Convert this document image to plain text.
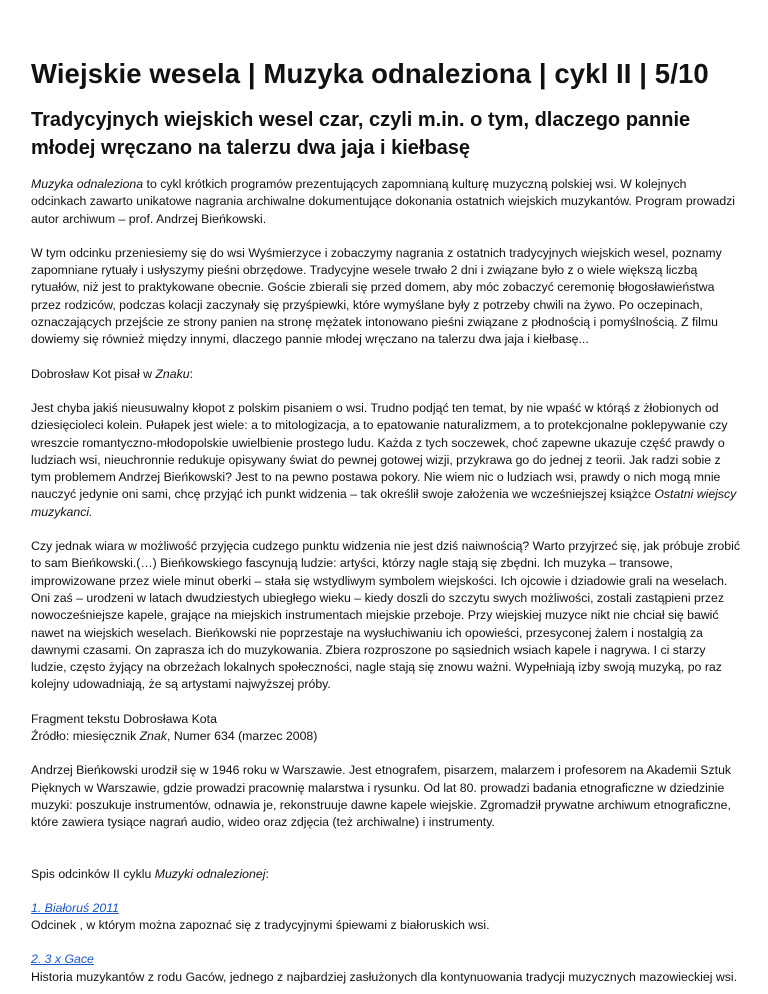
Wiejskie wesela | Muzyka odnaleziona | cykl II | 5/10
Tradycyjnych wiejskich wesel czar, czyli m.in. o tym, dlaczego pannie młodej wręczano na talerzu dwa jaja i kiełbasę

Muzyka odnaleziona to cykl krótkich programów prezentujących zapomnianą kulturę muzyczną polskiej wsi. W kolejnych odcinkach zawarto unikatowe nagrania archiwalne dokumentujące dokonania ostatnich wiejskich muzykantów. Program prowadzi autor archiwum – prof. Andrzej Bieńkowski.

W tym odcinku przeniesiemy się do wsi Wyśmierzyce i zobaczymy nagrania z ostatnich tradycyjnych wiejskich wesel, poznamy zapomniane rytuały i usłyszymy pieśni obrzędowe. Tradycyjne wesele trwało 2 dni i związane było z o wiele większą liczbą rytuałów, niż jest to praktykowane obecnie. Goście zbierali się przed domem, aby móc zobaczyć ceremonię błogosławieństwa przez rodziców, podczas kolacji zaczynały się przyśpiewki, które wymyślane były z potrzeby chwili na żywo. Po oczepinach, oznaczających przejście ze strony panien na stronę mężatek intonowano pieśni związane z płodnością i pomyślnością. Z filmu dowiemy się również między innymi, dlaczego pannie młodej wręczano na talerzu dwa jaja i kiełbasę...

Dobrosław Kot pisał w Znaku:

Jest chyba jakiś nieusuwalny kłopot z polskim pisaniem o wsi. Trudno podjąć ten temat, by nie wpaść w którąś z żłobionych od dziesięcioleci kolein. Pułapek jest wiele: a to mitologizacja, a to epatowanie naturalizmem, a to protekcjonalne poklepywanie czy wreszcie romantyczno-młodopolskie uwielbienie prostego ludu. Każda z tych soczewek, choć zapewne ukazuje część prawdy o ludziach wsi, nieuchronnie redukuje opisywany świat do pewnej gotowej wizji, przykrawa go do jednej z teorii. Jak radzi sobie z tym problemem Andrzej Bieńkowski? Jest to na pewno postawa pokory. Nie wiem nic o ludziach wsi, prawdy o nich mogą mnie nauczyć jedynie oni sami, chcę przyjąć ich punkt widzenia – tak określił swoje założenia we wcześniejszej książce Ostatni wiejscy muzykanci.

Czy jednak wiara w możliwość przyjęcia cudzego punktu widzenia nie jest dziś naiwnością? Warto przyjrzeć się, jak próbuje zrobić to sam Bieńkowski.(…) Bieńkowskiego fascynują ludzie: artyści, którzy nagle stają się zbędni. Ich muzyka – transowe, improwizowane przez wiele minut oberki – stała się wstydliwym symbolem wiejskości. Ich ojcowie i dziadowie grali na weselach. Oni zaś – urodzeni w latach dwudziestych ubiegłego wieku – kiedy doszli do szczytu swych możliwości, zostali zastąpieni przez nowocześniejsze kapele, grające na miejskich instrumentach miejskie przeboje. Przy wiejskiej muzyce nikt nie chciał się bawić nawet na wiejskich weselach. Bieńkowski nie poprzestaje na wysłuchiwaniu ich opowieści, przesyconej żalem i nostalgią za dawnymi czasami. On zaprasza ich do muzykowania. Zbiera rozproszone po sąsiednich wsiach kapele i nagrywa. I ci starzy ludzie, często żyjący na obrzeżach lokalnych społeczności, nagle stają się znowu ważni. Wypełniają izby swoją muzyką, po raz kolejny udowadniają, że są artystami najwyższej próby.

Fragment tekstu Dobrosława Kota
Źródło: miesięcznik Znak, Numer 634 (marzec 2008)

Andrzej Bieńkowski urodził się w 1946 roku w Warszawie. Jest etnografem, pisarzem, malarzem i profesorem na Akademii Sztuk Pięknych w Warszawie, gdzie prowadzi pracownię malarstwa i rysunku. Od lat 80. prowadzi badania etnograficzne w dziedzinie muzyki: poszukuje instrumentów, odnawia je, rekonstruuje dawne kapele wiejskie. Zgromadził prywatne archiwum etnograficzne, które zawiera tysiące nagrań audio, wideo oraz zdjęcia (też archiwalne) i instrumenty.

Spis odcinków II cyklu Muzyki odnalezionej:

1. Białoruś 2011

Odcinek , w którym można zapoznać się z tradycyjnymi śpiewami z białoruskich wsi.

2. 3 x Gace

Historia muzykantów z rodu Gaców, jednego z najbardziej zasłużonych dla kontynuowania tradycji muzycznych mazowieckiej wsi.
